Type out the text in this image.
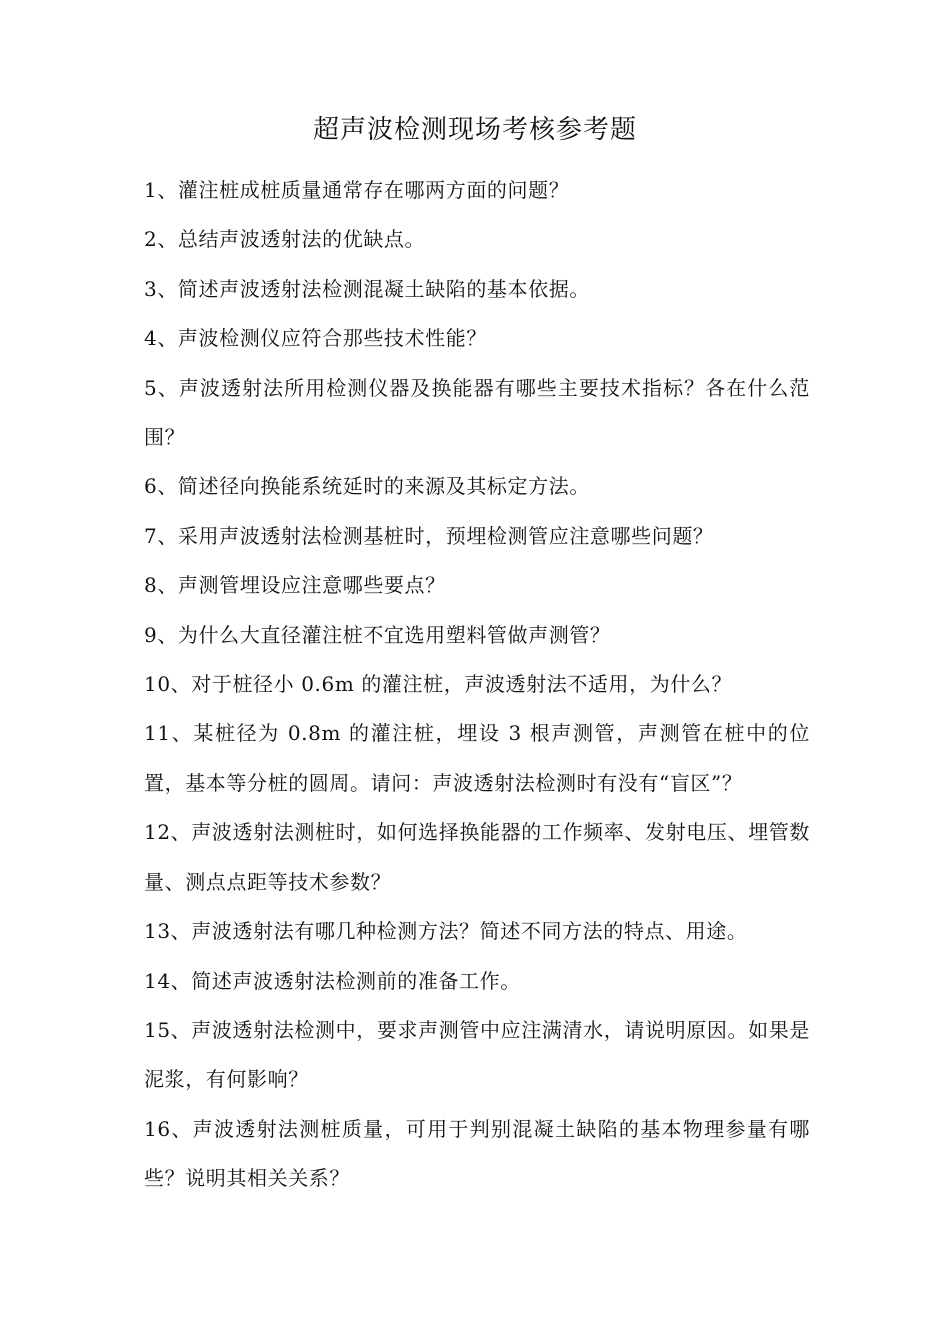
超声波检测现场考核参考题
1、灌注桩成桩质量通常存在哪两方面的问题？
2、总结声波透射法的优缺点。
3、简述声波透射法检测混凝土缺陷的基本依据。
4、声波检测仪应符合那些技术性能？
5、声波透射法所用检测仪器及换能器有哪些主要技术指标？各在什么范围？
6、简述径向换能系统延时的来源及其标定方法。
7、采用声波透射法检测基桩时，预埋检测管应注意哪些问题？
8、声测管埋设应注意哪些要点？
9、为什么大直径灌注桩不宜选用塑料管做声测管？
10、对于桩径小 0.6m 的灌注桩，声波透射法不适用，为什么？
11、某桩径为 0.8m 的灌注桩，埋设 3 根声测管，声测管在桩中的位置，基本等分桩的圆周。请问：声波透射法检测时有没有“盲区”？
12、声波透射法测桩时，如何选择换能器的工作频率、发射电压、埋管数量、测点点距等技术参数？
13、声波透射法有哪几种检测方法？简述不同方法的特点、用途。
14、简述声波透射法检测前的准备工作。
15、声波透射法检测中，要求声测管中应注满清水，请说明原因。如果是泥浆，有何影响？
16、声波透射法测桩质量，可用于判别混凝土缺陷的基本物理参量有哪些？说明其相关关系？
